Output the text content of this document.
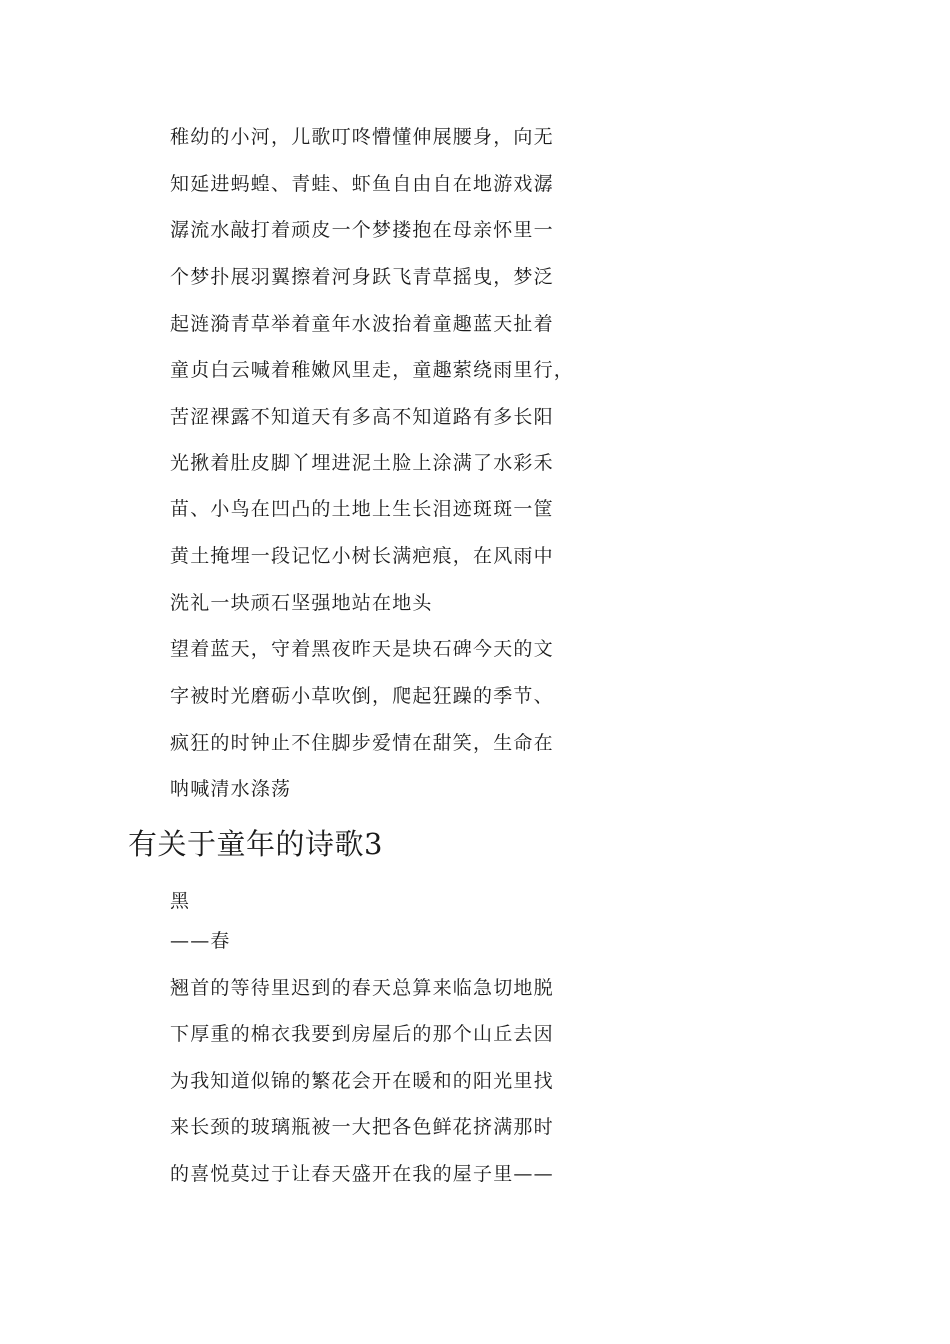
稚幼的小河，儿歌叮咚懵懂伸展腰身，向无
知延进蚂蝗、青蛙、虾鱼自由自在地游戏潺
潺流水敲打着顽皮一个梦搂抱在母亲怀里一
个梦扑展羽翼擦着河身跃飞青草摇曳，梦泛
起涟漪青草举着童年水波抬着童趣蓝天扯着
童贞白云喊着稚嫩风里走，童趣萦绕雨里行，
苦涩裸露不知道天有多高不知道路有多长阳
光揪着肚皮脚丫埋进泥土脸上涂满了水彩禾
苗、小鸟在凹凸的土地上生长泪迹斑斑一筐
黄土掩埋一段记忆小树长满疤痕，在风雨中
洗礼一块顽石坚强地站在地头
望着蓝天，守着黑夜昨天是块石碑今天的文
字被时光磨砺小草吹倒，爬起狂躁的季节、
疯狂的时钟止不住脚步爱情在甜笑，生命在
呐喊清水涤荡
有关于童年的诗歌3
黑
——春
翘首的等待里迟到的春天总算来临急切地脱
下厚重的棉衣我要到房屋后的那个山丘去因
为我知道似锦的繁花会开在暖和的阳光里找
来长颈的玻璃瓶被一大把各色鲜花挤满那时
的喜悦莫过于让春天盛开在我的屋子里——
